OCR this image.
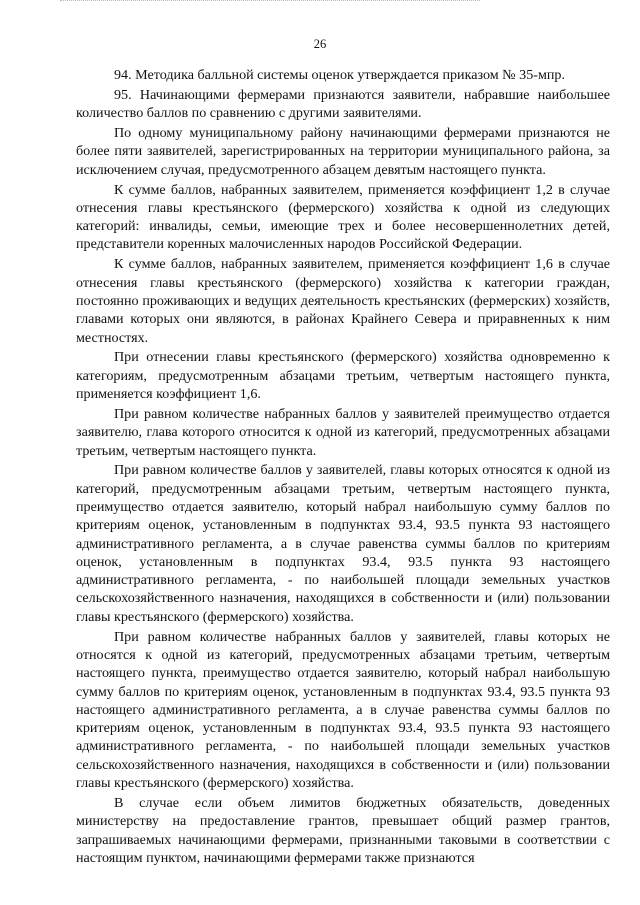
26

94. Методика балльной системы оценок утверждается приказом № 35-мпр.

95. Начинающими фермерами признаются заявители, набравшие наибольшее количество баллов по сравнению с другими заявителями.

По одному муниципальному району начинающими фермерами признаются не более пяти заявителей, зарегистрированных на территории муниципального района, за исключением случая, предусмотренного абзацем девятым настоящего пункта.

К сумме баллов, набранных заявителем, применяется коэффициент 1,2 в случае отнесения главы крестьянского (фермерского) хозяйства к одной из следующих категорий: инвалиды, семьи, имеющие трех и более несовершеннолетних детей, представители коренных малочисленных народов Российской Федерации.

К сумме баллов, набранных заявителем, применяется коэффициент 1,6 в случае отнесения главы крестьянского (фермерского) хозяйства к категории граждан, постоянно проживающих и ведущих деятельность крестьянских (фермерских) хозяйств, главами которых они являются, в районах Крайнего Севера и приравненных к ним местностях.

При отнесении главы крестьянского (фермерского) хозяйства одновременно к категориям, предусмотренным абзацами третьим, четвертым настоящего пункта, применяется коэффициент 1,6.

При равном количестве набранных баллов у заявителей преимущество отдается заявителю, глава которого относится к одной из категорий, предусмотренных абзацами третьим, четвертым настоящего пункта.

При равном количестве баллов у заявителей, главы которых относятся к одной из категорий, предусмотренным абзацами третьим, четвертым настоящего пункта, преимущество отдается заявителю, который набрал наибольшую сумму баллов по критериям оценок, установленным в подпунктах 93.4, 93.5 пункта 93 настоящего административного регламента, а в случае равенства суммы баллов по критериям оценок, установленным в подпунктах 93.4, 93.5 пункта 93 настоящего административного регламента, - по наибольшей площади земельных участков сельскохозяйственного назначения, находящихся в собственности и (или) пользовании главы крестьянского (фермерского) хозяйства.

При равном количестве набранных баллов у заявителей, главы которых не относятся к одной из категорий, предусмотренных абзацами третьим, четвертым настоящего пункта, преимущество отдается заявителю, который набрал наибольшую сумму баллов по критериям оценок, установленным в подпунктах 93.4, 93.5 пункта 93 настоящего административного регламента, а в случае равенства суммы баллов по критериям оценок, установленным в подпунктах 93.4, 93.5 пункта 93 настоящего административного регламента, - по наибольшей площади земельных участков сельскохозяйственного назначения, находящихся в собственности и (или) пользовании главы крестьянского (фермерского) хозяйства.

В случае если объем лимитов бюджетных обязательств, доведенных министерству на предоставление грантов, превышает общий размер грантов, запрашиваемых начинающими фермерами, признанными таковыми в соответствии с настоящим пунктом, начинающими фермерами также признаются
